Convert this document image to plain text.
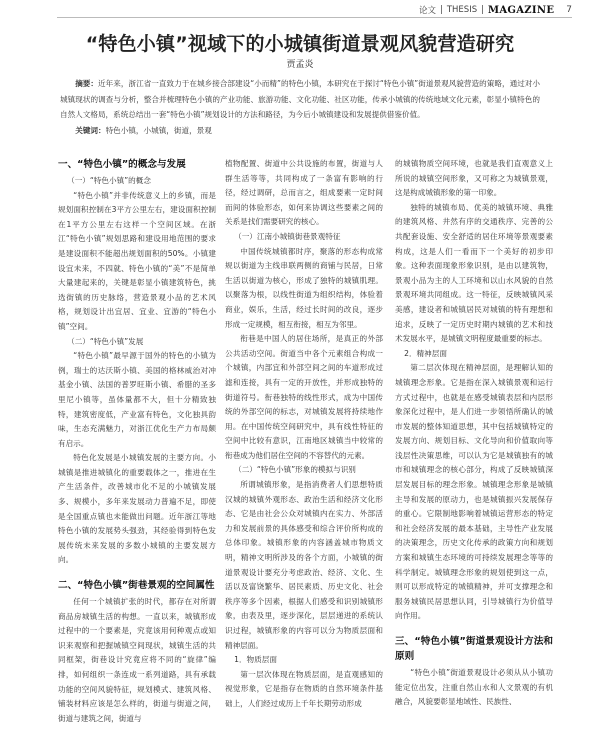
论文 | THESIS | MAGAZINE 7
“特色小镇”视域下的小城镇街道景观风貌营造研究
贾孟炎

摘要：近年来，浙江省一直致力于在城乡接合部建设“小而精”的特色小镇，本研究在于探讨“特色小镇”街道景观风貌营造的策略，通过对小城镇现状的调查与分析，整合并梳理特色小镇的产业功能、旅游功能、文化功能、社区功能，传承小城镇的传统地域文化元素，彰显小镇特色的自然人文格局，系统总结出一套“特色小镇”规划设计的方法和路径，为今后小城镇建设和发展提供借鉴价值。

关键词：特色小镇，小城镇，街道，景观

一、“特色小镇”的概念与发展
（一）“特色小镇”的概念

“特色小镇”并非传统意义上的乡镇，而是规划面积控制在3平方公里左右，建设面积控制在1平方公里左右这样一个空间区域。在浙江“特色小镇”规划思路和建设用地范围的要求是建设面积不能超出规划面积的50%。小镇建设宜未来，不四就、特色小镇的“美”不是简单大量建起来的，关键是彰显小镇建筑特色，挑选街镇的历史脉络，营造景观小品的艺术风格，规划设计出宜居、宜业、宜游的“特色小镇”空间。

（二）“特色小镇”发展

“特色小镇”最早源于国外的特色的小镇为例，瑞士的达沃斯小镇、美国的格林威治对冲基金小镇、法国的普罗旺斯小镇、希腊的圣多里尼小镇等，虽体量都不大，但十分精致独特，建筑密度低，产业富有特色，文化独具韵味，生态充满魅力，对浙江优化生产力布局颇有启示。

特色化发展是小城镇发展的主要方向。小城镇是推进城镇化的重要载体之一，推进在生产生活条件，改善城市化不足的小城镇发展多、规模小，多年来发展动力普遍不足，即使是全国重点镇也未能做出问题。近年浙江等地特色小镇的发展势头强劲，其经验得到特色发展传统未来发展的多数小城镇的主要发展方向。

二、“特色小镇”街巷景观的空间属性

任何一个城镇扩张的时代，都存在对所谓商品房城镇生活的构想。一直以来，城镇形成过程中的一个要素是，究竟该用何种观点或知识来观察和把握城镇空间现状，城镇生活的共同框架，街巷设计究竟应将不同的“旋律”编排，如何组织一条连成一系列道路，具有承载功能的空间风貌特征，规划模式、建筑风格、铺装材料应该是怎么样的，街道与街道之间，街道与建筑之间，街道与

植物配置、街道中公共设施的布置，街道与人群生活等等，共同构成了一条富有影响的行径，经过调研，总而言之，组成要素一定时间而间的体验形态，如何来协调这些要素之间的关系是找们需要研究的核心。

（一）江南小城镇街巷景观特征

中国传统城镇都时序，聚落的形态构成常规以街道为主线串联两侧的商铺与民居，日常生活以街道为核心，形成了独特的城镇肌理。以聚落为根，以线性街道为组织结构，体验着商业，娱乐，生活，经过长时间的改良，逐步形成一定规模，相互衔接，相互为邻里。

衔巷是中国人的居住场所，是真正的外部公共活动空间。街道当中各个元素组合构成一个城镇，内部宜和外部空间之间的车道形成过滤和连接，具有一定的开放性，并形成独特的街道符号。衔巷独特的线性形式，成为中国传统的外部空间的标志，对城镇发展将持续地作用。在中国传统空间研究中，具有线性特征的空间中比较有意识，江南地区城镇当中较常的衔巷成为他们居住空间的不容替代的元素。

（二）“特色小镇”形象的模拟与识别

所谓城镇形象，是指消费者人们思想特质汉城的城镇外观形态、政治生活和经济文化形态、它是由社会公众对城镇内在实力、外部活力和发展前景的具体感受和综合评价所构成的总体印象。城镇形象的内容涵盖城市物质文明，精神文明所涉及的各个方面，小城镇的街道景观设计要充分考虑政治、经济、文化、生活以及富饶繁华、居民素质、历史文化、社会秩序等多个因素，根据人们感受和识别城镇形象，由表及里，逐步深化，层层递进的系统认识过程，城镇形象的内容可以分为物质层面和精神层面。

1．物质层面

第一层次体现在物质层面，是直观感知的视觉形象，它是指存在物质的自然环境条件基础上，人们经过成历上千年长期劳动形成

的城镇物质空间环境，也就是我们直观意义上所说的城镇空间形象，又可称之为城镇景观，这是构成城镇形象的第一印象。

独特的城镇布局、优美的城镇环境、典雅的建筑风格、井然有序的交通秩序、完善的公共配套设施、安全舒适的居住环境等景观要素构成，这是人们一看而下一个美好的初步印象。这种表面现象形象识别，是由以建筑物，景观小品为主的人工环境和以山水风貌的自然景观环境共同组成。这一特征，反映城镇风采美感，建设者和城镇居民对城镇的特有理想和追求，反映了一定历史时期内城镇的艺术和技术发展水平，是城镇文明程度最重要的标志。

2．精神层面

第二层次体现在精神层面，是理解认知的城镇理念形象。它是指在深入城镇景观和运行方式过程中，也就是在感受城镇表层和内层形象深化过程中，是人们进一步领悟所确认的城市发展的整体知道思想，其中包括城镇特定的发展方向、规划目标、文化导向和价值取向等浅层性决策思维，可以认为它是城镇独有的城市和城镇理念的核心部分，构成了反映城镇深层发展目标的理念形象。城镇理念形象是城镇主导和发展的原动力，也是城镇振兴发展保存的重心。它限制地影响着城镇运营形态的特定和社会经济发展的最本基础，主导性产业发展的决策理念，历史文化传承的政策方向和规划方案和城镇生态环境的可持续发展理念等等的科学制定。城镇理念形象的规划使到这一点，则可以形成特定的城镇精神，并可支撑理念和服务城镇民居思想认同，引导城镇行为价值导向作用。

三、“特色小镇”街道景观设计方法和原则

“特色小镇”街道景观设计必须从从小镇功能定位出发，注重自然山水和人文景观的有机融合，风貌要彰显地域性、民族性、
